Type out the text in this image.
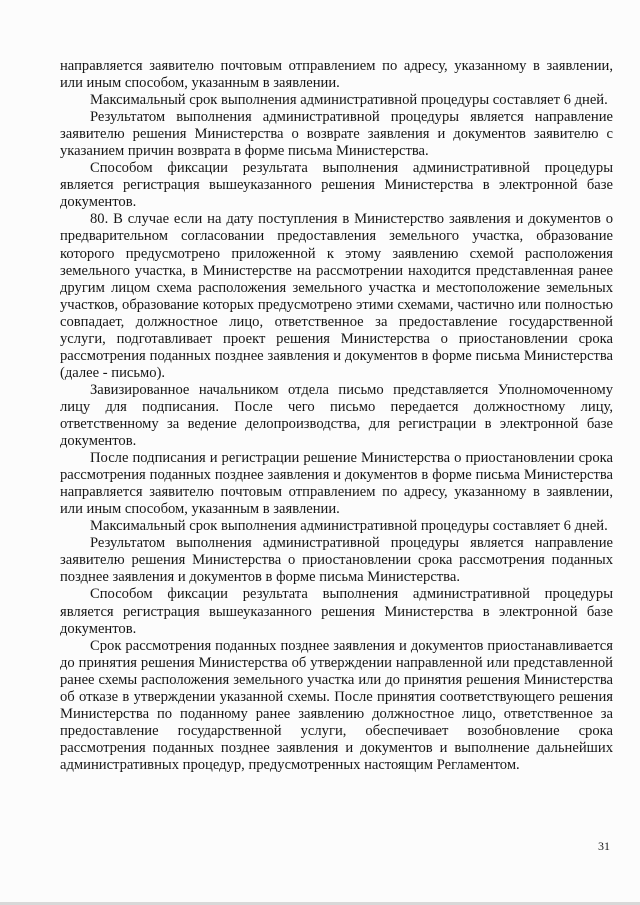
направляется заявителю почтовым отправлением по адресу, указанному в заявлении, или иным способом, указанным в заявлении.

Максимальный срок выполнения административной процедуры составляет 6 дней.

Результатом выполнения административной процедуры является направление заявителю решения Министерства о возврате заявления и документов заявителю с указанием причин возврата в форме письма Министерства.

Способом фиксации результата выполнения административной процедуры является регистрация вышеуказанного решения Министерства в электронной базе документов.

80. В случае если на дату поступления в Министерство заявления и документов о предварительном согласовании предоставления земельного участка, образование которого предусмотрено приложенной к этому заявлению схемой расположения земельного участка, в Министерстве на рассмотрении находится представленная ранее другим лицом схема расположения земельного участка и местоположение земельных участков, образование которых предусмотрено этими схемами, частично или полностью совпадает, должностное лицо, ответственное за предоставление государственной услуги, подготавливает проект решения Министерства о приостановлении срока рассмотрения поданных позднее заявления и документов в форме письма Министерства (далее - письмо).

Завизированное начальником отдела письмо представляется Уполномоченному лицу для подписания. После чего письмо передается должностному лицу, ответственному за ведение делопроизводства, для регистрации в электронной базе документов.

После подписания и регистрации решение Министерства о приостановлении срока рассмотрения поданных позднее заявления и документов в форме письма Министерства направляется заявителю почтовым отправлением по адресу, указанному в заявлении, или иным способом, указанным в заявлении.

Максимальный срок выполнения административной процедуры составляет 6 дней.

Результатом выполнения административной процедуры является направление заявителю решения Министерства о приостановлении срока рассмотрения поданных позднее заявления и документов в форме письма Министерства.

Способом фиксации результата выполнения административной процедуры является регистрация вышеуказанного решения Министерства в электронной базе документов.

Срок рассмотрения поданных позднее заявления и документов приостанавливается до принятия решения Министерства об утверждении направленной или представленной ранее схемы расположения земельного участка или до принятия решения Министерства об отказе в утверждении указанной схемы. После принятия соответствующего решения Министерства по поданному ранее заявлению должностное лицо, ответственное за предоставление государственной услуги, обеспечивает возобновление срока рассмотрения поданных позднее заявления и документов и выполнение дальнейших административных процедур, предусмотренных настоящим Регламентом.

31
